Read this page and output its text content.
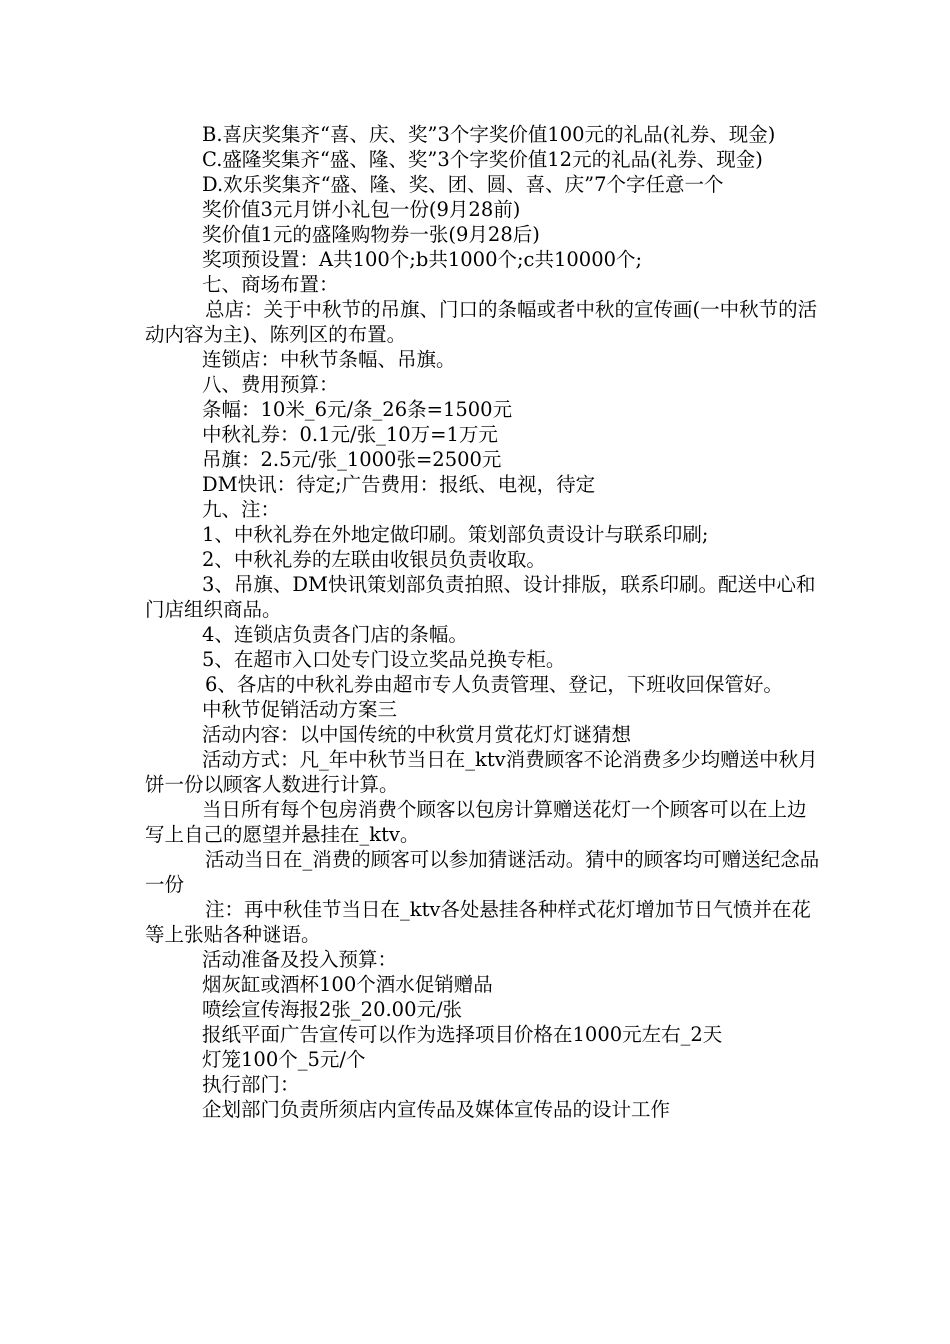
B.喜庆奖集齐“喜、庆、奖”3个字奖价值100元的礼品(礼券、现金)

C.盛隆奖集齐“盛、隆、奖”3个字奖价值12元的礼品(礼券、现金)

D.欢乐奖集齐“盛、隆、奖、团、圆、喜、庆”7个字任意一个

奖价值3元月饼小礼包一份(9月28前)

奖价值1元的盛隆购物券一张(9月28后)

奖项预设置：A共100个;b共1000个;c共10000个;

七、商场布置：

总店：关于中秋节的吊旗、门口的条幅或者中秋的宣传画(一中秋节的活动内容为主)、陈列区的布置。

连锁店：中秋节条幅、吊旗。

八、费用预算：

条幅：10米_6元/条_26条=1500元

中秋礼券：0.1元/张_10万=1万元

吊旗：2.5元/张_1000张=2500元

DM快讯：待定;广告费用：报纸、电视，待定

九、注：

1、中秋礼券在外地定做印刷。策划部负责设计与联系印刷;

2、中秋礼券的左联由收银员负责收取。

3、吊旗、DM快讯策划部负责拍照、设计排版，联系印刷。配送中心和门店组织商品。

4、连锁店负责各门店的条幅。

5、在超市入口处专门设立奖品兑换专柜。

6、各店的中秋礼券由超市专人负责管理、登记，下班收回保管好。

中秋节促销活动方案三

活动内容：以中国传统的中秋赏月赏花灯灯谜猜想

活动方式：凡_年中秋节当日在_ktv消费顾客不论消费多少均赠送中秋月饼一份以顾客人数进行计算。

当日所有每个包房消费个顾客以包房计算赠送花灯一个顾客可以在上边写上自己的愿望并悬挂在_ktv。

活动当日在_消费的顾客可以参加猜谜活动。猜中的顾客均可赠送纪念品一份

注：再中秋佳节当日在_ktv各处悬挂各种样式花灯增加节日气愤并在花等上张贴各种谜语。

活动准备及投入预算：

烟灰缸或酒杯100个酒水促销赠品

喷绘宣传海报2张_20.00元/张

报纸平面广告宣传可以作为选择项目价格在1000元左右_2天

灯笼100个_5元/个

执行部门：

企划部门负责所须店内宣传品及媒体宣传品的设计工作
